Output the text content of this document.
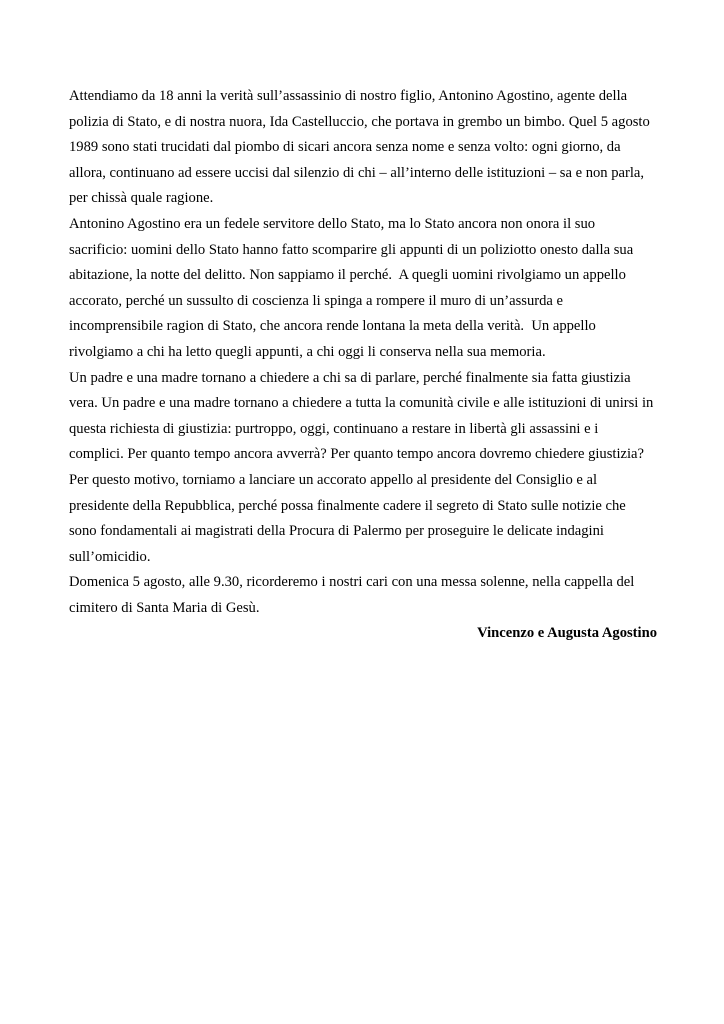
Attendiamo da 18 anni la verità sull’assassinio di nostro figlio, Antonino Agostino, agente della
polizia di Stato, e di nostra nuora, Ida Castelluccio, che portava in grembo un bimbo. Quel 5 agosto
1989 sono stati trucidati dal piombo di sicari ancora senza nome e senza volto: ogni giorno, da
allora, continuano ad essere uccisi dal silenzio di chi – all’interno delle istituzioni – sa e non parla,
per chissà quale ragione.
Antonino Agostino era un fedele servitore dello Stato, ma lo Stato ancora non onora il suo
sacrificio: uomini dello Stato hanno fatto scomparire gli appunti di un poliziotto onesto dalla sua
abitazione, la notte del delitto. Non sappiamo il perché.  A quegli uomini rivolgiamo un appello
accorato, perché un sussulto di coscienza li spinga a rompere il muro di un’assurda e
incomprensibile ragion di Stato, che ancora rende lontana la meta della verità.  Un appello
rivolgiamo a chi ha letto quegli appunti, a chi oggi li conserva nella sua memoria.
Un padre e una madre tornano a chiedere a chi sa di parlare, perché finalmente sia fatta giustizia
vera. Un padre e una madre tornano a chiedere a tutta la comunità civile e alle istituzioni di unirsi in
questa richiesta di giustizia: purtroppo, oggi, continuano a restare in libertà gli assassini e i
complici. Per quanto tempo ancora avverrà? Per quanto tempo ancora dovremo chiedere giustizia?
Per questo motivo, torniamo a lanciare un accorato appello al presidente del Consiglio e al
presidente della Repubblica, perché possa finalmente cadere il segreto di Stato sulle notizie che
sono fondamentali ai magistrati della Procura di Palermo per proseguire le delicate indagini
sull’omicidio.
Domenica 5 agosto, alle 9.30, ricorderemo i nostri cari con una messa solenne, nella cappella del
cimitero di Santa Maria di Gesù.
Vincenzo e Augusta Agostino
